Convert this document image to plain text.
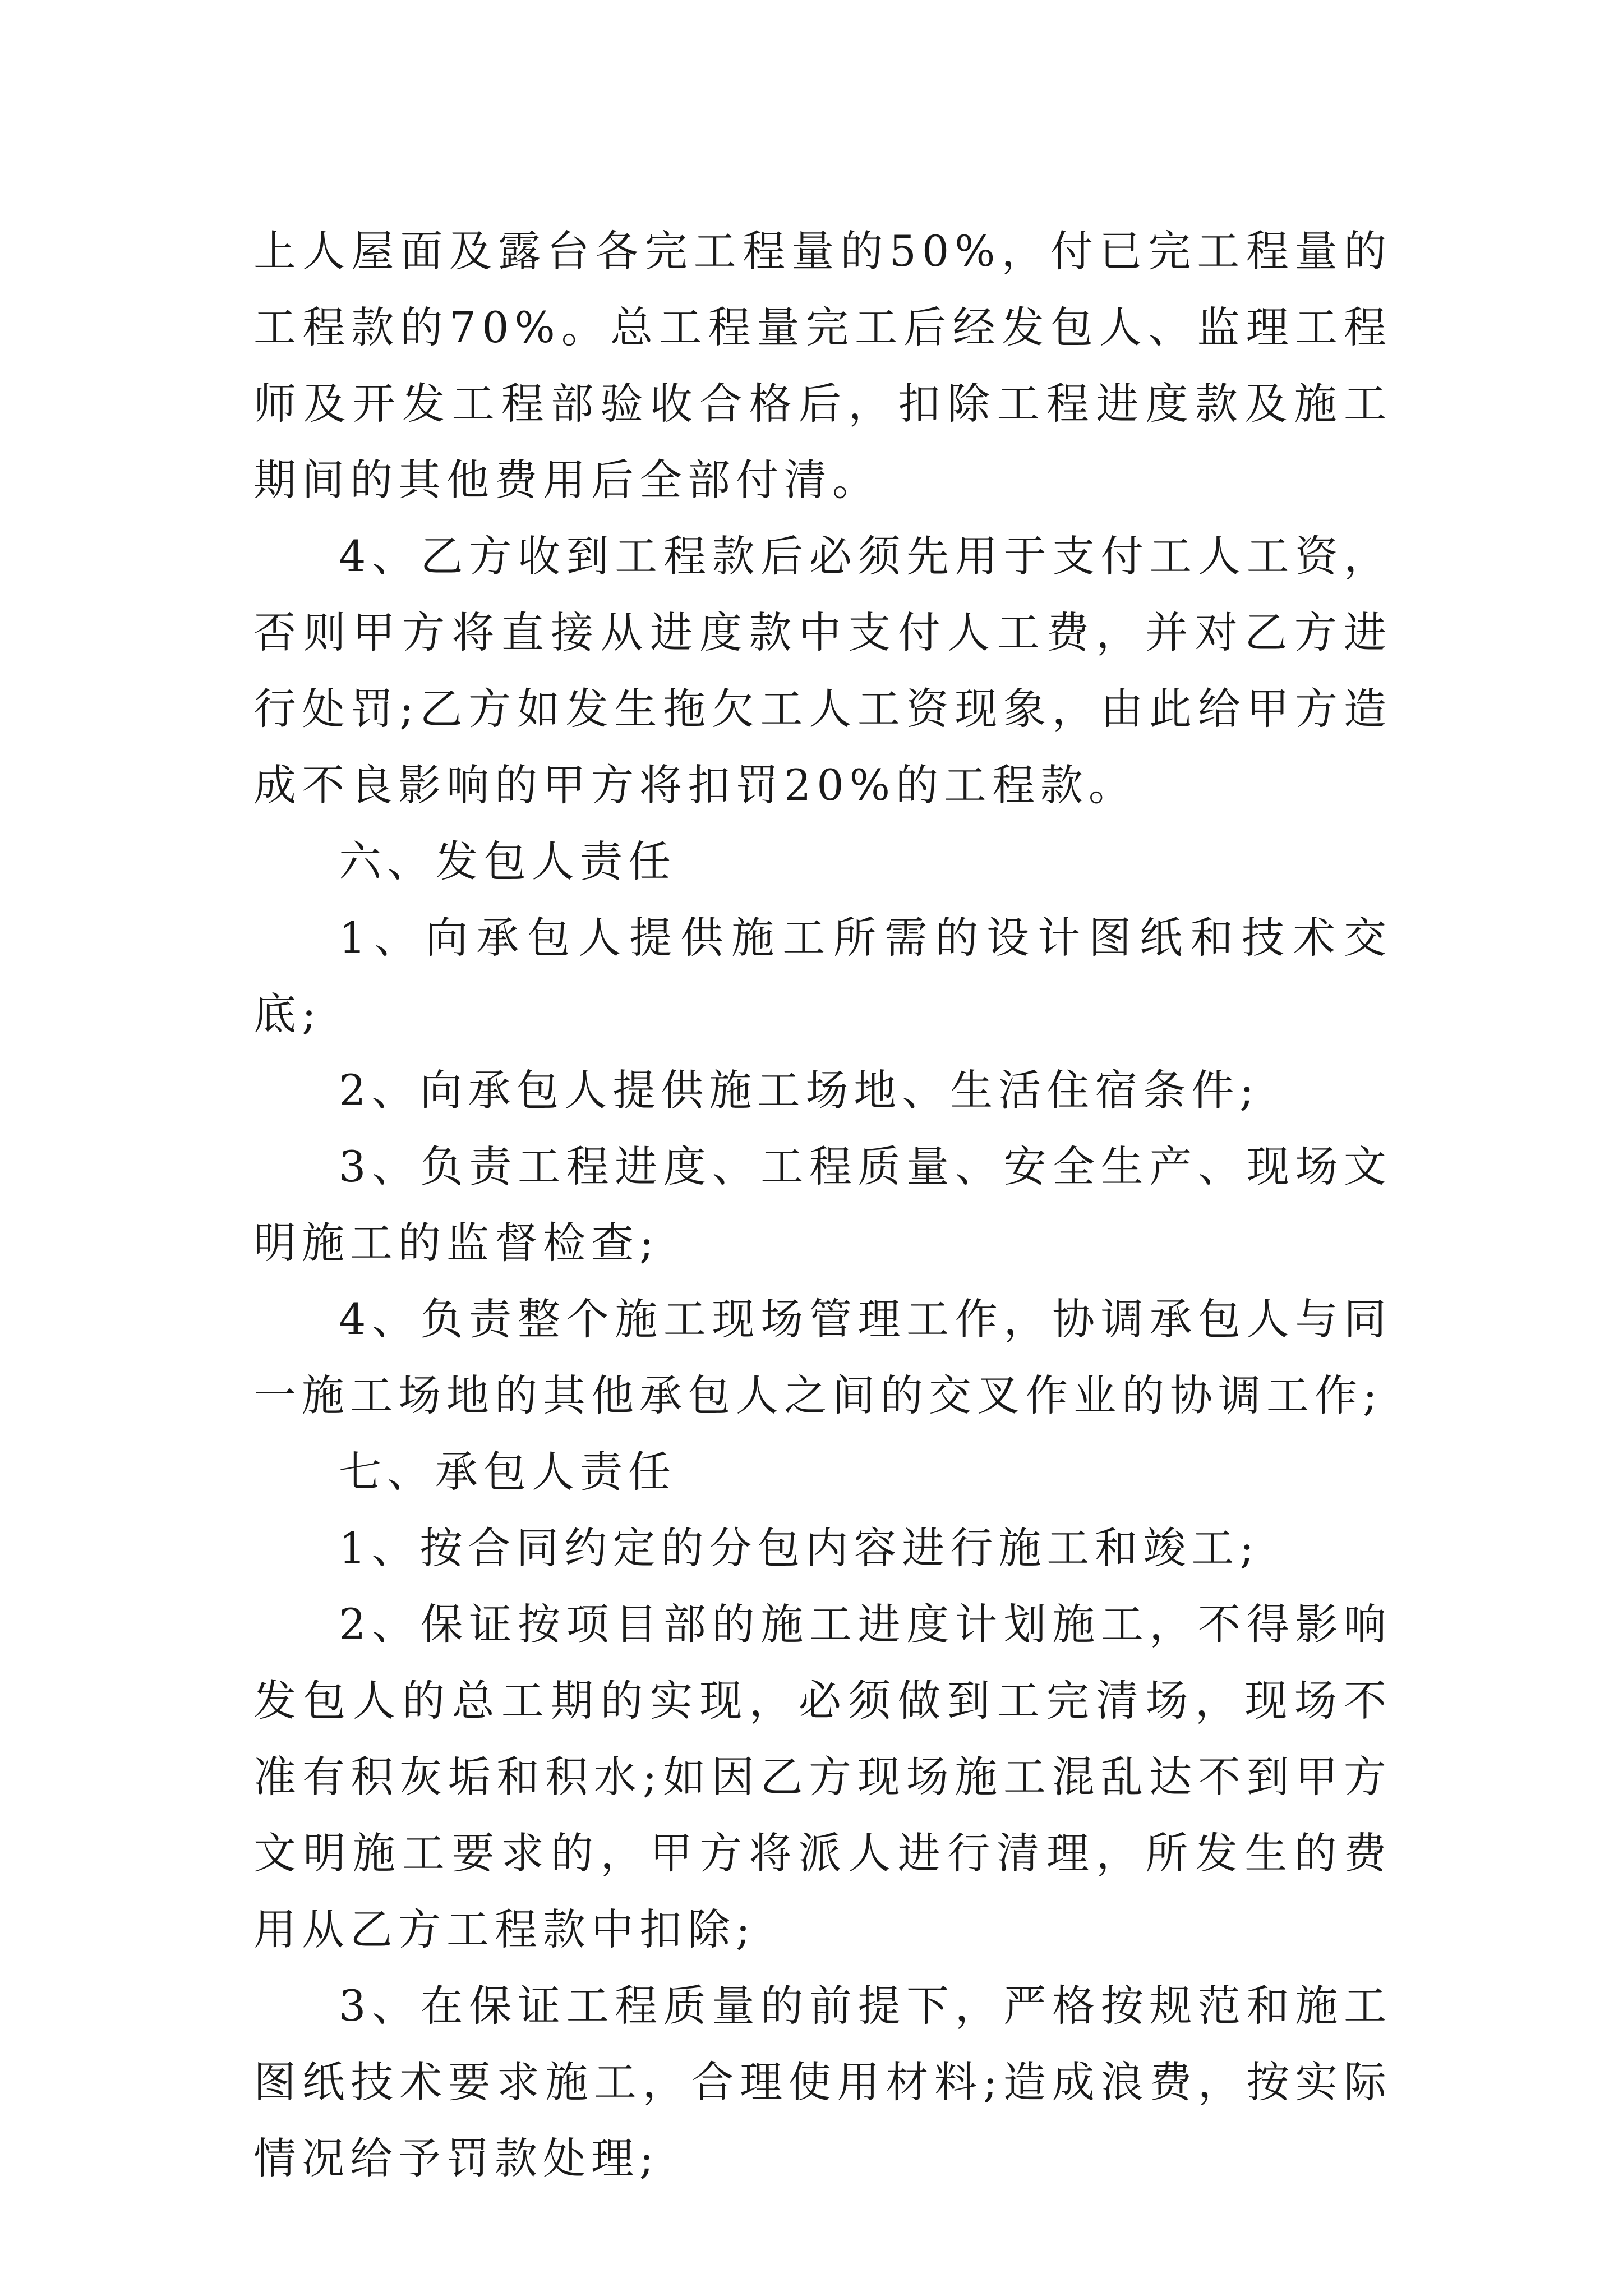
上人屋面及露台各完工程量的50%，付已完工程量的工程款的70%。总工程量完工后经发包人、监理工程师及开发工程部验收合格后，扣除工程进度款及施工期间的其他费用后全部付清。

4、乙方收到工程款后必须先用于支付工人工资，否则甲方将直接从进度款中支付人工费，并对乙方进行处罚;乙方如发生拖欠工人工资现象，由此给甲方造成不良影响的甲方将扣罚20%的工程款。

六、发包人责任

1、向承包人提供施工所需的设计图纸和技术交底;

2、向承包人提供施工场地、生活住宿条件;

3、负责工程进度、工程质量、安全生产、现场文明施工的监督检查;

4、负责整个施工现场管理工作，协调承包人与同一施工场地的其他承包人之间的交叉作业的协调工作;

七、承包人责任

1、按合同约定的分包内容进行施工和竣工;

2、保证按项目部的施工进度计划施工，不得影响发包人的总工期的实现，必须做到工完清场，现场不准有积灰垢和积水;如因乙方现场施工混乱达不到甲方文明施工要求的，甲方将派人进行清理，所发生的费用从乙方工程款中扣除;

3、在保证工程质量的前提下，严格按规范和施工图纸技术要求施工，合理使用材料;造成浪费，按实际情况给予罚款处理;
